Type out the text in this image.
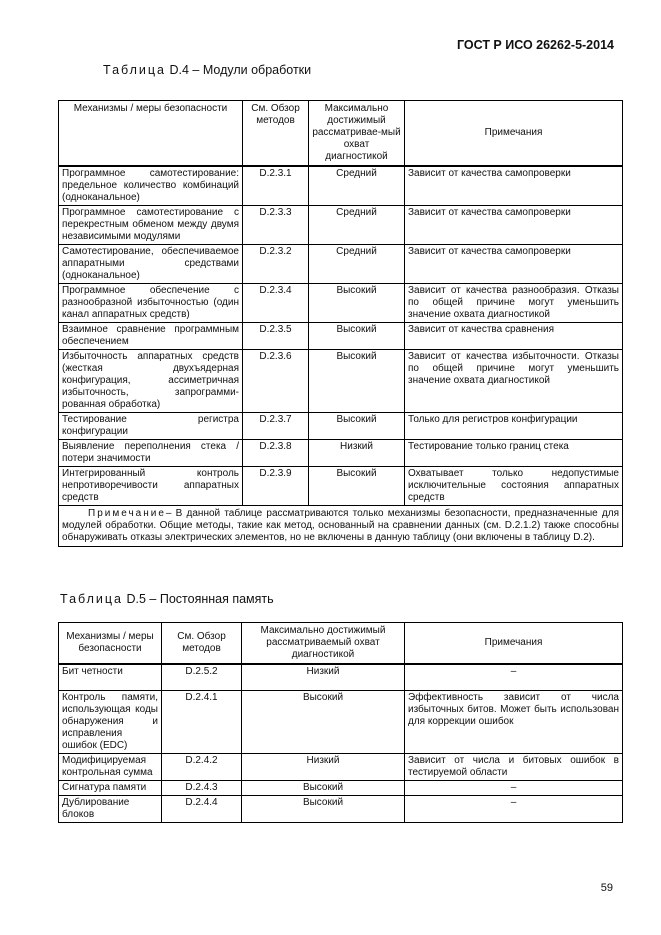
ГОСТ Р ИСО 26262-5-2014
Таблица D.4 – Модули обработки
Механизмы / меры безопасности	См. Обзор методов	Максимально достижимый рассматривае-мый охват диагностикой	Примечания
Программное самотестирование: предельное количество комбинаций (одноканальное)	D.2.3.1	Средний	Зависит от качества самопроверки
Программное самотестирование с перекрестным обменом между двумя независимыми модулями	D.2.3.3	Средний	Зависит от качества самопроверки
Самотестирование, обеспечиваемое аппаратными средствами (одноканальное)	D.2.3.2	Средний	Зависит от качества самопроверки
Программное обеспечение с разнообразной избыточностью (один канал аппаратных средств)	D.2.3.4	Высокий	Зависит от качества разнообразия. Отказы по общей причине могут уменьшить значение охвата диагностикой
Взаимное сравнение программным обеспечением	D.2.3.5	Высокий	Зависит от качества сравнения
Избыточность аппаратных средств (жесткая двухъядерная конфигурация, ассиметричная избыточность, запрограмми-рованная обработка)	D.2.3.6	Высокий	Зависит от качества избыточности. Отказы по общей причине могут уменьшить значение охвата диагностикой
Тестирование регистра конфигурации	D.2.3.7	Высокий	Только для регистров конфигурации
Выявление переполнения стека / потери значимости	D.2.3.8	Низкий	Тестирование только границ стека
Интегрированный контроль непротиворечивости аппаратных средств	D.2.3.9	Высокий	Охватывает только недопустимые исключительные состояния аппаратных средств
Примечание– В данной таблице рассматриваются только механизмы безопасности, предназначенные для модулей обработки. Общие методы, такие как метод, основанный на сравнении данных (см. D.2.1.2) также способны обнаруживать отказы электрических элементов, но не включены в данную таблицу (они включены в таблицу D.2).			
Таблица D.5 – Постоянная память
Механизмы / меры безопасности	См. Обзор методов	Максимально достижимый рассматриваемый охват диагностикой	Примечания
Бит четности	D.2.5.2	Низкий	–
Контроль памяти, использующая коды обнаружения и исправления ошибок (EDC)	D.2.4.1	Высокий	Эффективность зависит от числа избыточных битов. Может быть использован для коррекции ошибок
Модифицируемая контрольная сумма	D.2.4.2	Низкий	Зависит от числа и битовых ошибок в тестируемой области
Сигнатура памяти	D.2.4.3	Высокий	–
Дублирование блоков	D.2.4.4	Высокий	–
59
